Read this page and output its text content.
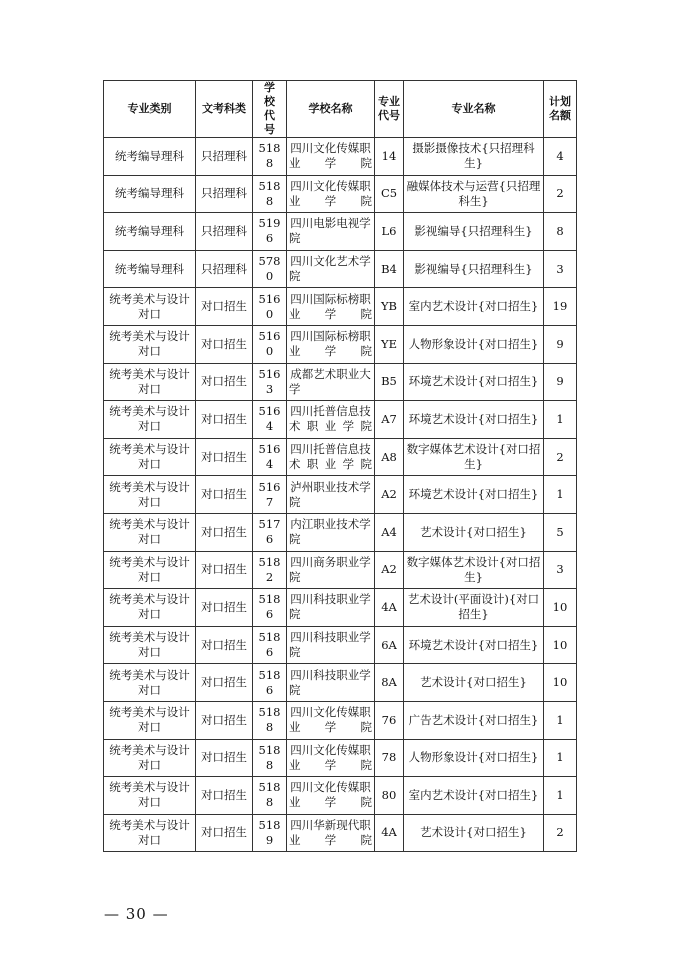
专业类别	文考科类	学校代号	学校名称	专业代号	专业名称	计划名额
统考编导理科	只招理科	5188	四川文化传媒职业学院	14	摄影摄像技术{只招理科生}	4
统考编导理科	只招理科	5188	四川文化传媒职业学院	C5	融媒体技术与运营{只招理科生}	2
统考编导理科	只招理科	5196	四川电影电视学院	L6	影视编导{只招理科生}	8
统考编导理科	只招理科	5780	四川文化艺术学院	B4	影视编导{只招理科生}	3
统考美术与设计对口	对口招生	5160	四川国际标榜职业学院	YB	室内艺术设计{对口招生}	19
统考美术与设计对口	对口招生	5160	四川国际标榜职业学院	YE	人物形象设计{对口招生}	9
统考美术与设计对口	对口招生	5163	成都艺术职业大学	B5	环境艺术设计{对口招生}	9
统考美术与设计对口	对口招生	5164	四川托普信息技术职业学院	A7	环境艺术设计{对口招生}	1
统考美术与设计对口	对口招生	5164	四川托普信息技术职业学院	A8	数字媒体艺术设计{对口招生}	2
统考美术与设计对口	对口招生	5167	泸州职业技术学院	A2	环境艺术设计{对口招生}	1
统考美术与设计对口	对口招生	5176	内江职业技术学院	A4	艺术设计{对口招生}	5
统考美术与设计对口	对口招生	5182	四川商务职业学院	A2	数字媒体艺术设计{对口招生}	3
统考美术与设计对口	对口招生	5186	四川科技职业学院	4A	艺术设计(平面设计){对口招生}	10
统考美术与设计对口	对口招生	5186	四川科技职业学院	6A	环境艺术设计{对口招生}	10
统考美术与设计对口	对口招生	5186	四川科技职业学院	8A	艺术设计{对口招生}	10
统考美术与设计对口	对口招生	5188	四川文化传媒职业学院	76	广告艺术设计{对口招生}	1
统考美术与设计对口	对口招生	5188	四川文化传媒职业学院	78	人物形象设计{对口招生}	1
统考美术与设计对口	对口招生	5188	四川文化传媒职业学院	80	室内艺术设计{对口招生}	1
统考美术与设计对口	对口招生	5189	四川华新现代职业学院	4A	艺术设计{对口招生}	2
— 30 —
